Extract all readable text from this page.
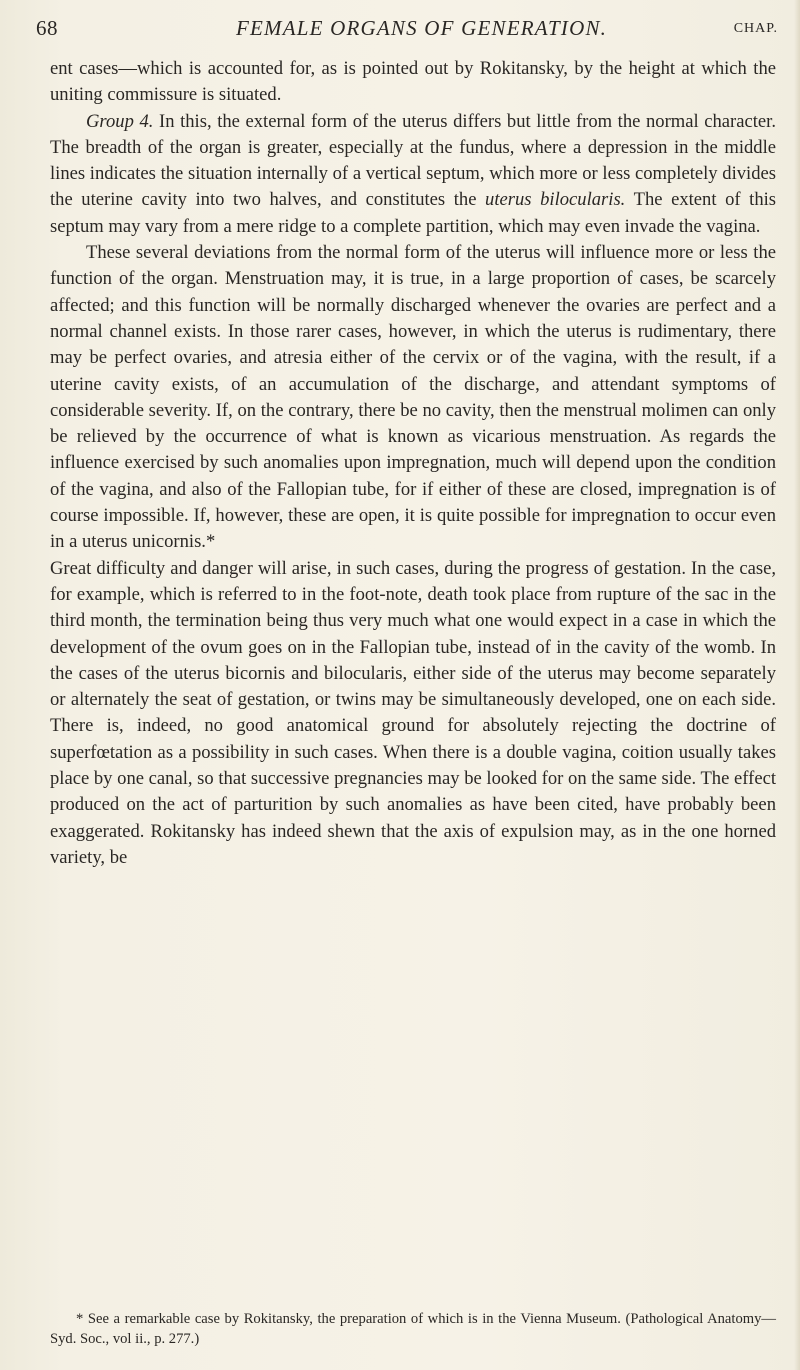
68	FEMALE ORGANS OF GENERATION.	CHAP.

ent cases—which is accounted for, as is pointed out by Rokitansky, by the height at which the uniting commissure is situated.

Group 4. In this, the external form of the uterus differs but little from the normal character. The breadth of the organ is greater, especially at the fundus, where a depression in the middle lines indicates the situation internally of a vertical septum, which more or less completely divides the uterine cavity into two halves, and constitutes the uterus bilocularis. The extent of this septum may vary from a mere ridge to a complete partition, which may even invade the vagina.

These several deviations from the normal form of the uterus will influence more or less the function of the organ. Menstruation may, it is true, in a large proportion of cases, be scarcely affected; and this function will be normally discharged whenever the ovaries are perfect and a normal channel exists. In those rarer cases, however, in which the uterus is rudimentary, there may be perfect ovaries, and atresia either of the cervix or of the vagina, with the result, if a uterine cavity exists, of an accumulation of the discharge, and attendant symptoms of considerable severity. If, on the contrary, there be no cavity, then the menstrual molimen can only be relieved by the occurrence of what is known as vicarious menstruation. As regards the influence exercised by such anomalies upon impregnation, much will depend upon the condition of the vagina, and also of the Fallopian tube, for if either of these are closed, impregnation is of course impossible. If, however, these are open, it is quite possible for impregnation to occur even in a uterus unicornis.*

Great difficulty and danger will arise, in such cases, during the progress of gestation. In the case, for example, which is referred to in the foot-note, death took place from rupture of the sac in the third month, the termination being thus very much what one would expect in a case in which the development of the ovum goes on in the Fallopian tube, instead of in the cavity of the womb. In the cases of the uterus bicornis and bilocularis, either side of the uterus may become separately or alternately the seat of gestation, or twins may be simultaneously developed, one on each side. There is, indeed, no good anatomical ground for absolutely rejecting the doctrine of superfœtation as a possibility in such cases. When there is a double vagina, coition usually takes place by one canal, so that successive pregnancies may be looked for on the same side. The effect produced on the act of parturition by such anomalies as have been cited, have probably been exaggerated. Rokitansky has indeed shewn that the axis of expulsion may, as in the one horned variety, be

* See a remarkable case by Rokitansky, the preparation of which is in the Vienna Museum. (Pathological Anatomy—Syd. Soc., vol ii., p. 277.)
